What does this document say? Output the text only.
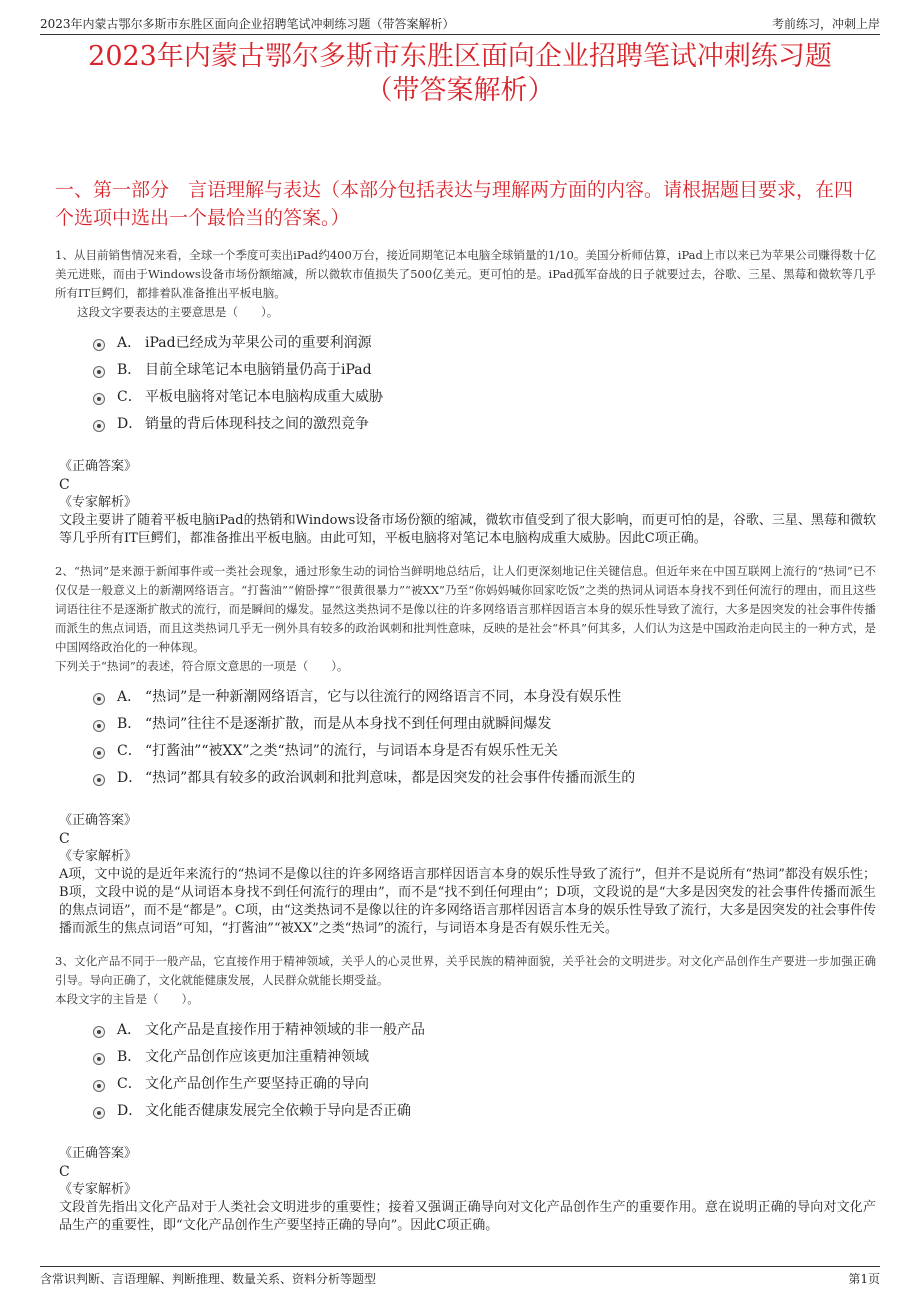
2023年内蒙古鄂尔多斯市东胜区面向企业招聘笔试冲刺练习题（带答案解析）	考前练习，冲刺上岸
2023年内蒙古鄂尔多斯市东胜区面向企业招聘笔试冲刺练习题
（带答案解析）
一、第一部分　言语理解与表达（本部分包括表达与理解两方面的内容。请根据题目要求，在四个选项中选出一个最恰当的答案。）
1、从目前销售情况来看，全球一个季度可卖出iPad约400万台，接近同期笔记本电脑全球销量的1/10。美国分析师估算，iPad上市以来已为苹果公司赚得数十亿美元进账，而由于Windows设备市场份额缩减，所以微软市值损失了500亿美元。更可怕的是。iPad孤军奋战的日子就要过去，谷歌、三星、黑莓和微软等几乎所有IT巨鳄们，都排着队准备推出平板电脑。
这段文字要表达的主要意思是（　　）。
A． iPad已经成为苹果公司的重要利润源
B． 目前全球笔记本电脑销量仍高于iPad
C． 平板电脑将对笔记本电脑构成重大威胁
D． 销量的背后体现科技之间的激烈竞争
《正确答案》
C
《专家解析》
文段主要讲了随着平板电脑iPad的热销和Windows设备市场份额的缩减，微软市值受到了很大影响，而更可怕的是，谷歌、三星、黑莓和微软等几乎所有IT巨鳄们，都准备推出平板电脑。由此可知，平板电脑将对笔记本电脑构成重大威胁。因此C项正确。
2、“热词”是来源于新闻事件或一类社会现象，通过形象生动的词恰当鲜明地总结后，让人们更深刻地记住关键信息。但近年来在中国互联网上流行的“热词”已不仅仅是一般意义上的新潮网络语言。“打酱油”“俯卧撑”“很黄很暴力”“被XX”乃至“你妈妈喊你回家吃饭”之类的热词从词语本身找不到任何流行的理由，而且这些词语往往不是逐渐扩散式的流行，而是瞬间的爆发。显然这类热词不是像以往的许多网络语言那样因语言本身的娱乐性导致了流行，大多是因突发的社会事件传播而派生的焦点词语，而且这类热词几乎无一例外具有较多的政治讽刺和批判性意味，反映的是社会“杯具”何其多，人们认为这是中国政治走向民主的一种方式，是中国网络政治化的一种体现。
下列关于“热词”的表述，符合原文意思的一项是（　　）。
A． “热词”是一种新潮网络语言，它与以往流行的网络语言不同，本身没有娱乐性
B． “热词”往往不是逐渐扩散，而是从本身找不到任何理由就瞬间爆发
C． “打酱油”“被XX”之类“热词”的流行，与词语本身是否有娱乐性无关
D． “热词”都具有较多的政治讽刺和批判意味，都是因突发的社会事件传播而派生的
《正确答案》
C
《专家解析》
A项，文中说的是近年来流行的“热词不是像以往的许多网络语言那样因语言本身的娱乐性导致了流行”，但并不是说所有“热词”都没有娱乐性；B项，文段中说的是“从词语本身找不到任何流行的理由”，而不是“找不到任何理由”；D项，文段说的是“大多是因突发的社会事件传播而派生的焦点词语”，而不是“都是”。C项，由“这类热词不是像以往的许多网络语言那样因语言本身的娱乐性导致了流行，大多是因突发的社会事件传播而派生的焦点词语”可知，“打酱油”“被XX”之类“热词”的流行，与词语本身是否有娱乐性无关。
3、文化产品不同于一般产品，它直接作用于精神领域，关乎人的心灵世界，关乎民族的精神面貌，关乎社会的文明进步。对文化产品创作生产要进一步加强正确引导。导向正确了，文化就能健康发展，人民群众就能长期受益。
本段文字的主旨是（　　）。
A． 文化产品是直接作用于精神领域的非一般产品
B． 文化产品创作应该更加注重精神领域
C． 文化产品创作生产要坚持正确的导向
D． 文化能否健康发展完全依赖于导向是否正确
《正确答案》
C
《专家解析》
文段首先指出文化产品对于人类社会文明进步的重要性；接着又强调正确导向对文化产品创作生产的重要作用。意在说明正确的导向对文化产品生产的重要性，即“文化产品创作生产要坚持正确的导向”。因此C项正确。
含常识判断、言语理解、判断推理、数量关系、资料分析等题型	第1页
